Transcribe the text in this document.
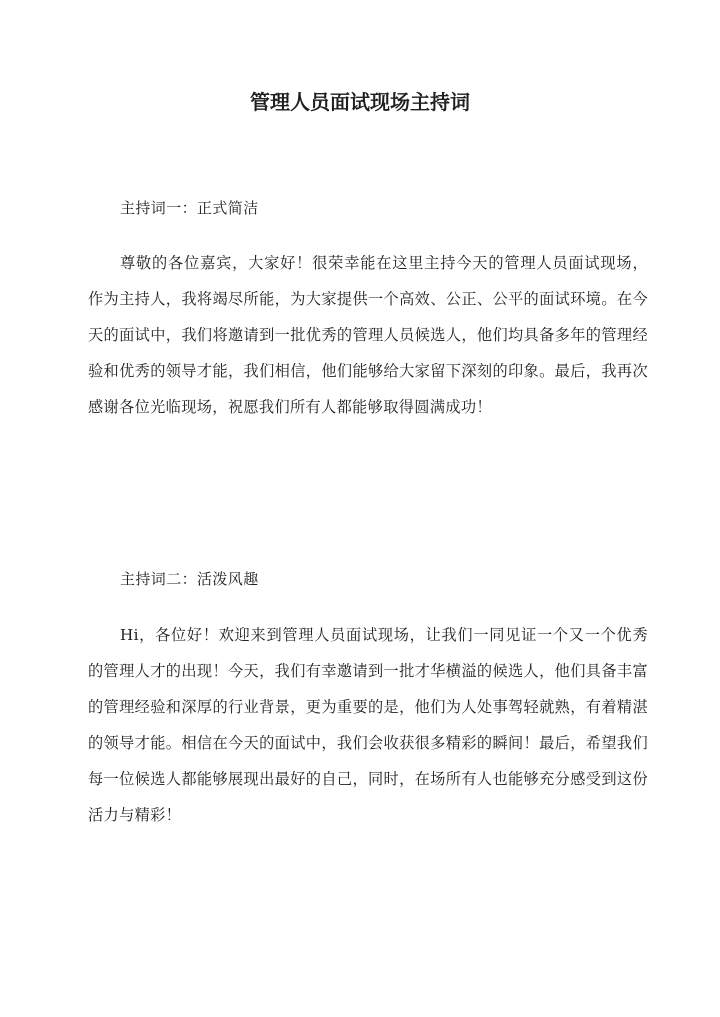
管理人员面试现场主持词
主持词一：正式简洁
尊敬的各位嘉宾，大家好！很荣幸能在这里主持今天的管理人员面试现场，作为主持人，我将竭尽所能，为大家提供一个高效、公正、公平的面试环境。在今天的面试中，我们将邀请到一批优秀的管理人员候选人，他们均具备多年的管理经验和优秀的领导才能，我们相信，他们能够给大家留下深刻的印象。最后，我再次感谢各位光临现场，祝愿我们所有人都能够取得圆满成功！
主持词二：活泼风趣
Hi，各位好！欢迎来到管理人员面试现场，让我们一同见证一个又一个优秀的管理人才的出现！今天，我们有幸邀请到一批才华横溢的候选人，他们具备丰富的管理经验和深厚的行业背景，更为重要的是，他们为人处事驾轻就熟，有着精湛的领导才能。相信在今天的面试中，我们会收获很多精彩的瞬间！最后，希望我们每一位候选人都能够展现出最好的自己，同时，在场所有人也能够充分感受到这份活力与精彩！
